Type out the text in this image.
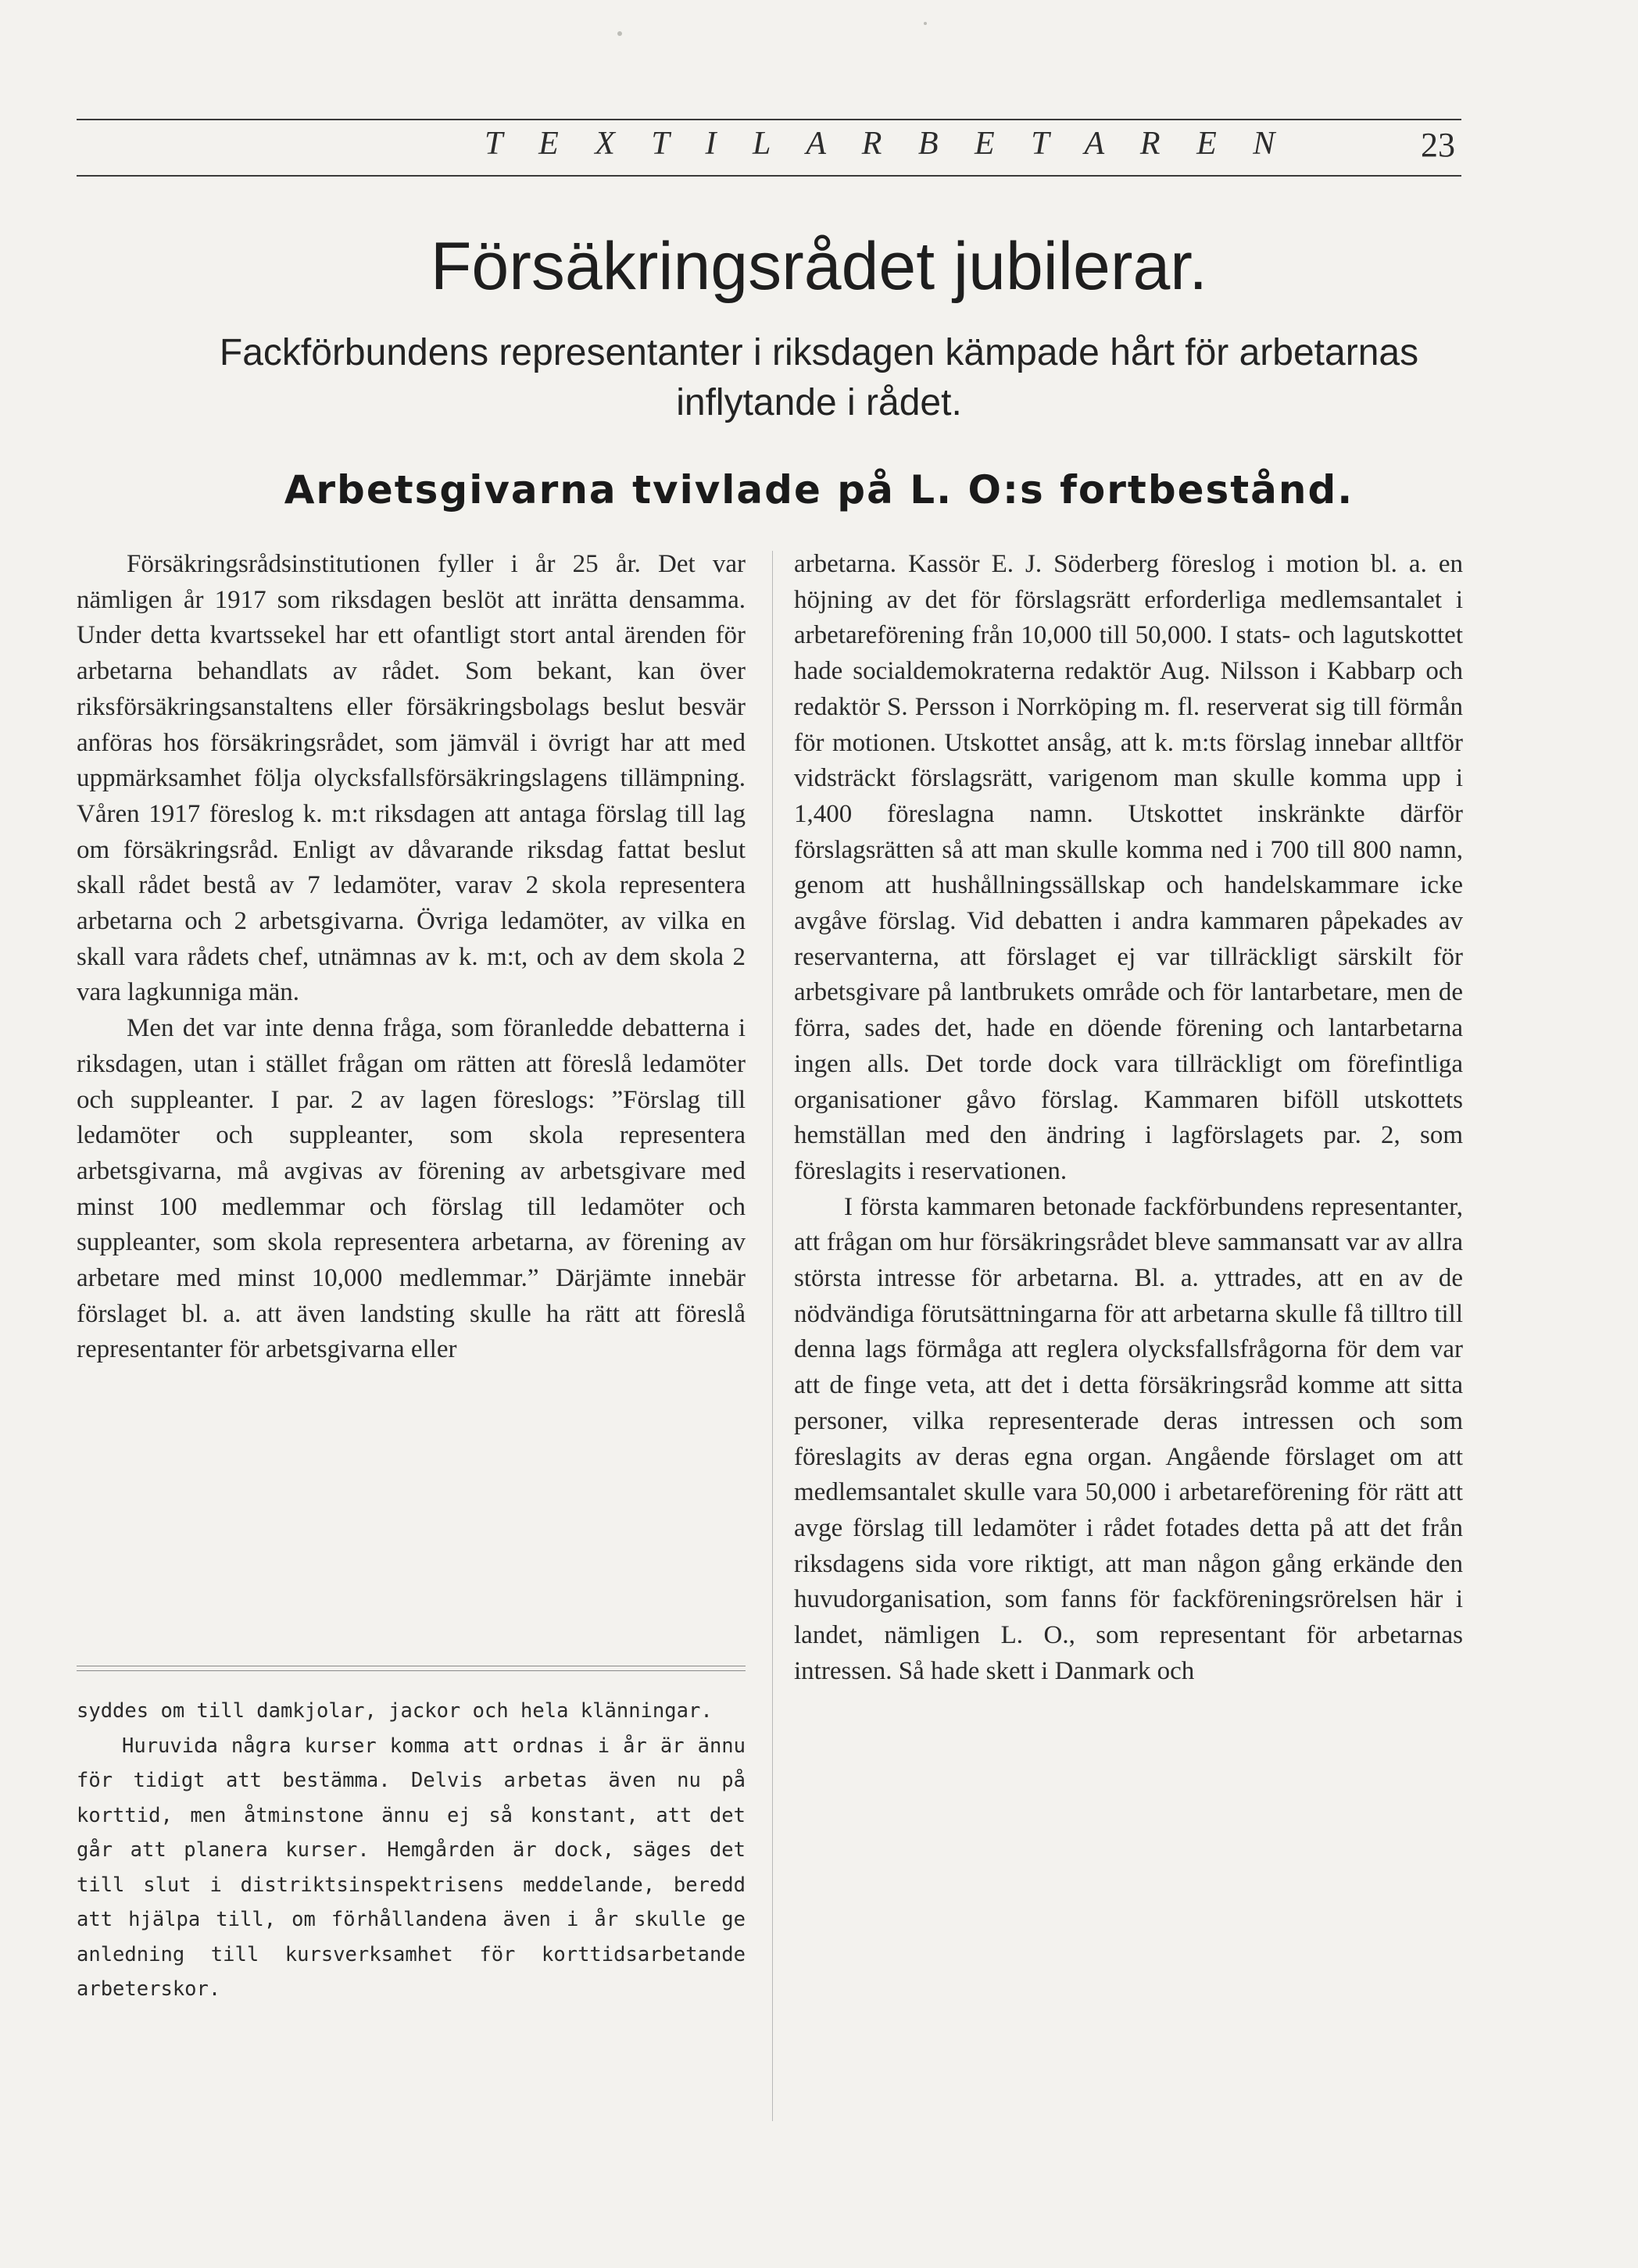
T E X T I L A R B E T A R E N	23
Försäkringsrådet jubilerar.
Fackförbundens representanter i riksdagen kämpade hårt för arbetarnas inflytande i rådet.
Arbetsgivarna tvivlade på L. O:s fortbestånd.

Försäkringsrådsinstitutionen fyller i år 25 år. Det var nämligen år 1917 som riksdagen beslöt att inrätta densamma. Under detta kvartssekel har ett ofantligt stort antal ärenden för arbetarna behandlats av rådet. Som bekant, kan över riksförsäkringsanstaltens eller försäkringsbolags beslut besvär anföras hos försäkringsrådet, som jämväl i övrigt har att med uppmärksamhet följa olycksfallsförsäkringslagens tillämpning. Våren 1917 föreslog k. m:t riksdagen att antaga förslag till lag om försäkringsråd. Enligt av dåvarande riksdag fattat beslut skall rådet bestå av 7 ledamöter, varav 2 skola representera arbetarna och 2 arbetsgivarna. Övriga ledamöter, av vilka en skall vara rådets chef, utnämnas av k. m:t, och av dem skola 2 vara lagkunniga män.

Men det var inte denna fråga, som föranledde debatterna i riksdagen, utan i stället frågan om rätten att föreslå ledamöter och suppleanter. I par. 2 av lagen föreslogs: ”Förslag till ledamöter och suppleanter, som skola representera arbetsgivarna, må avgivas av förening av arbetsgivare med minst 100 medlemmar och förslag till ledamöter och suppleanter, som skola representera arbetarna, av förening av arbetare med minst 10,000 medlemmar.” Därjämte innebär förslaget bl. a. att även landsting skulle ha rätt att föreslå representanter för arbetsgivarna eller

arbetarna. Kassör E. J. Söderberg föreslog i motion bl. a. en höjning av det för förslagsrätt erforderliga medlemsantalet i arbetareförening från 10,000 till 50,000. I stats- och lagutskottet hade socialdemokraterna redaktör Aug. Nilsson i Kabbarp och redaktör S. Persson i Norrköping m. fl. reserverat sig till förmån för motionen. Utskottet ansåg, att k. m:ts förslag innebar alltför vidsträckt förslagsrätt, varigenom man skulle komma upp i 1,400 föreslagna namn. Utskottet inskränkte därför förslagsrätten så att man skulle komma ned i 700 till 800 namn, genom att hushållningssällskap och handelskammare icke avgåve förslag. Vid debatten i andra kammaren påpekades av reservanterna, att förslaget ej var tillräckligt särskilt för arbetsgivare på lantbrukets område och för lantarbetare, men de förra, sades det, hade en döende förening och lantarbetarna ingen alls. Det torde dock vara tillräckligt om förefintliga organisationer gåvo förslag. Kammaren biföll utskottets hemställan med den ändring i lagförslagets par. 2, som föreslagits i reservationen.

I första kammaren betonade fackförbundens representanter, att frågan om hur försäkringsrådet bleve sammansatt var av allra största intresse för arbetarna. Bl. a. yttrades, att en av de nödvändiga förutsättningarna för att arbetarna skulle få tilltro till denna lags förmåga att reglera olycksfallsfrågorna för dem var att de finge veta, att det i detta försäkringsråd komme att sitta personer, vilka representerade deras intressen och som föreslagits av deras egna organ. Angående förslaget om att medlemsantalet skulle vara 50,000 i arbetareförening för rätt att avge förslag till ledamöter i rådet fotades detta på att det från riksdagens sida vore riktigt, att man någon gång erkände den huvudorganisation, som fanns för fackföreningsrörelsen här i landet, nämligen L. O., som representant för arbetarnas intressen. Så hade skett i Danmark och

syddes om till damkjolar, jackor och hela klänningar.

Huruvida några kurser komma att ordnas i år är ännu för tidigt att bestämma. Delvis arbetas även nu på korttid, men åtminstone ännu ej så konstant, att det går att planera kurser. Hemgården är dock, säges det till slut i distriktsinspektrisens meddelande, beredd att hjälpa till, om förhållandena även i år skulle ge anledning till kursverksamhet för korttidsarbetande arbeterskor.
